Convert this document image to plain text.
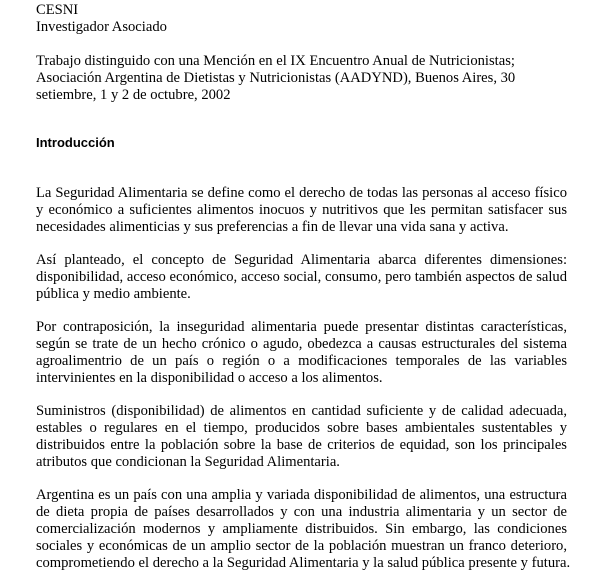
CESNI
Investigador Asociado
Trabajo distinguido con una Mención en el IX Encuentro Anual de Nutricionistas;
Asociación Argentina de Dietistas y Nutricionistas (AADYND), Buenos Aires, 30
setiembre, 1 y 2 de octubre, 2002
Introducción
La Seguridad Alimentaria se define como el derecho de todas las personas al acceso físico
y económico a suficientes alimentos inocuos y nutritivos que les permitan satisfacer sus
necesidades alimenticias y sus preferencias a fin de llevar una vida sana y activa.
Así planteado, el concepto de Seguridad Alimentaria abarca diferentes dimensiones:
disponibilidad, acceso económico, acceso social, consumo, pero también aspectos de salud
pública y medio ambiente.
Por contraposición, la inseguridad alimentaria puede presentar distintas características,
según se trate de un hecho crónico o agudo, obedezca a causas estructurales del sistema
agroalimentrio de un país o región o a modificaciones temporales de las variables
intervinientes en la disponibilidad o acceso a los alimentos.
Suministros (disponibilidad) de alimentos en cantidad suficiente y de calidad adecuada,
estables o regulares en el tiempo, producidos sobre bases ambientales sustentables y
distribuidos entre la población sobre la base de criterios de equidad, son los principales
atributos que condicionan la Seguridad Alimentaria.
Argentina es un país con una amplia y variada disponibilidad de alimentos, una estructura
de dieta propia de países desarrollados y con una industria alimentaria y un sector de
comercialización modernos y ampliamente distribuidos. Sin embargo, las condiciones
sociales y económicas de un amplio sector de la población muestran un franco deterioro,
comprometiendo el derecho a la Seguridad Alimentaria y la salud pública presente y futura.
